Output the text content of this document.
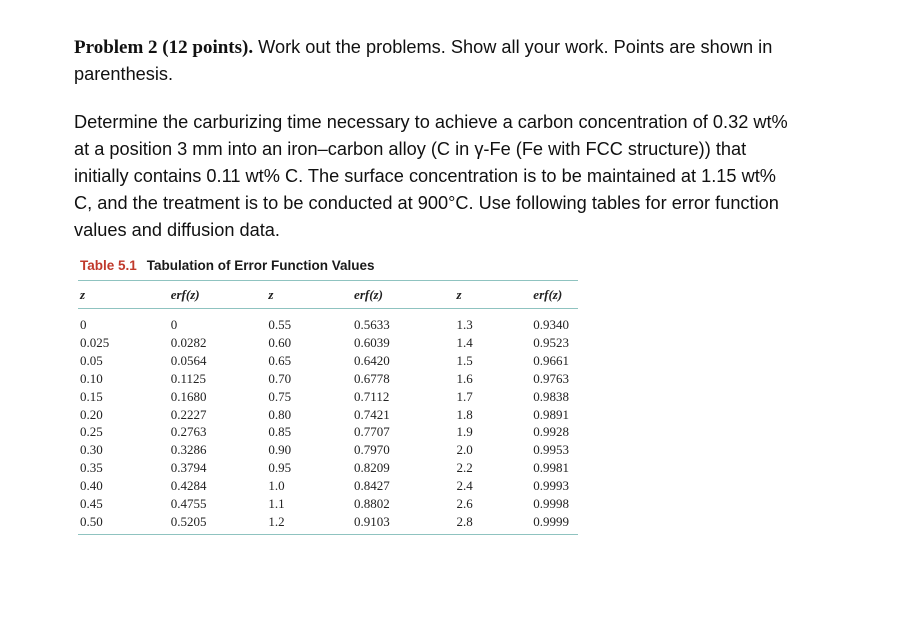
Problem 2 (12 points). Work out the problems. Show all your work. Points are shown in parenthesis.

Determine the carburizing time necessary to achieve a carbon concentration of 0.32 wt% at a position 3 mm into an iron–carbon alloy (C in γ-Fe (Fe with FCC structure)) that initially contains 0.11 wt% C. The surface concentration is to be maintained at 1.15 wt% C, and the treatment is to be conducted at 900°C. Use following tables for error function values and diffusion data.

Table 5.1 Tabulation of Error Function Values
z	erf(z)	z	erf(z)	z	erf(z)
0	0	0.55	0.5633	1.3	0.9340
0.025	0.0282	0.60	0.6039	1.4	0.9523
0.05	0.0564	0.65	0.6420	1.5	0.9661
0.10	0.1125	0.70	0.6778	1.6	0.9763
0.15	0.1680	0.75	0.7112	1.7	0.9838
0.20	0.2227	0.80	0.7421	1.8	0.9891
0.25	0.2763	0.85	0.7707	1.9	0.9928
0.30	0.3286	0.90	0.7970	2.0	0.9953
0.35	0.3794	0.95	0.8209	2.2	0.9981
0.40	0.4284	1.0	0.8427	2.4	0.9993
0.45	0.4755	1.1	0.8802	2.6	0.9998
0.50	0.5205	1.2	0.9103	2.8	0.9999
